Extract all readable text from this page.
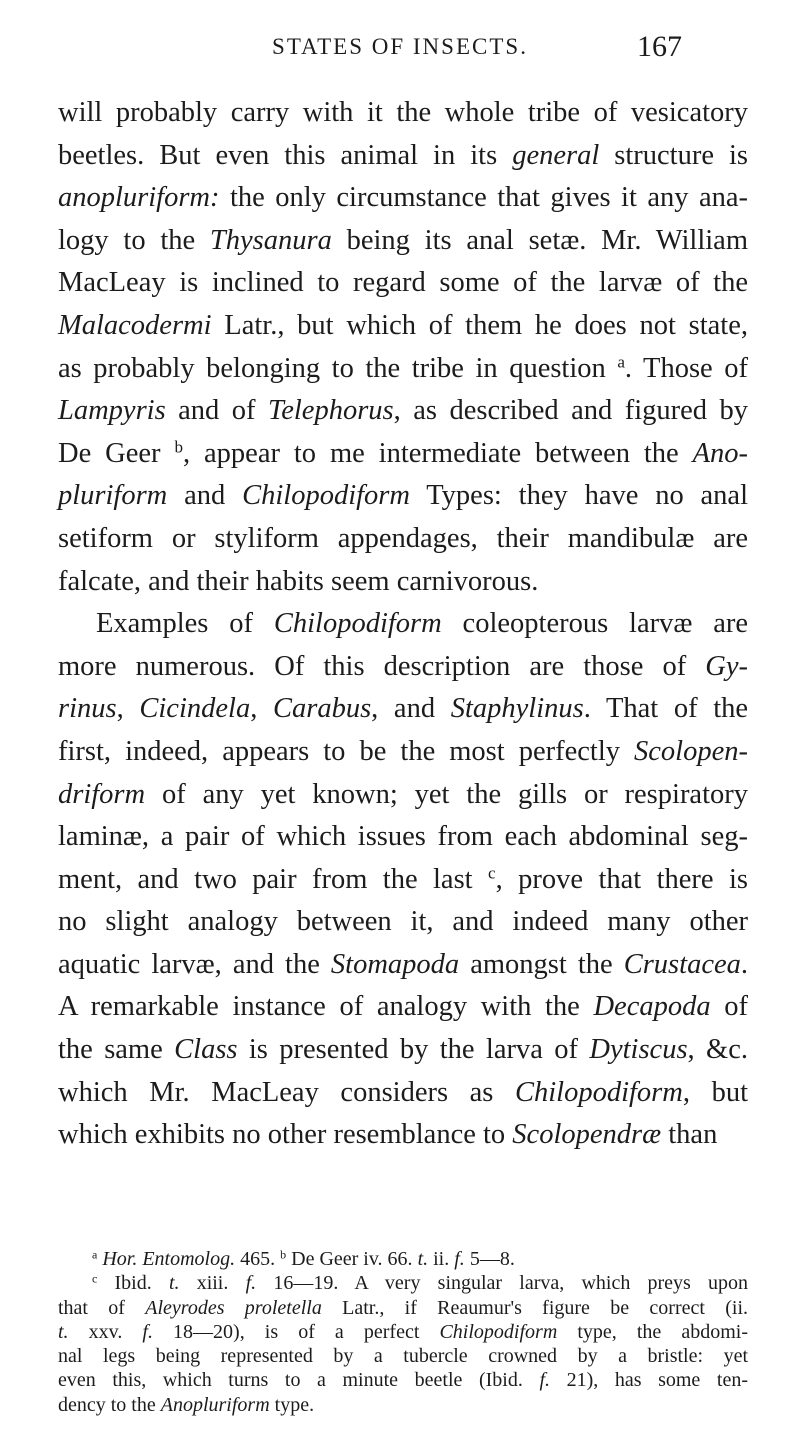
STATES OF INSECTS.	167
will probably carry with it the whole tribe of vesicatory
beetles. But even this animal in its general structure is
anopluriform: the only circumstance that gives it any ana-
logy to the Thysanura being its anal setæ. Mr. William
MacLeay is inclined to regard some of the larvæ of the
Malacodermi Latr., but which of them he does not state,
as probably belonging to the tribe in question $^a$. Those of
Lampyris and of Telephorus, as described and figured by
De Geer $^b$, appear to me intermediate between the Ano-
pluriform and Chilopodiform Types: they have no anal
setiform or styliform appendages, their mandibulæ are
falcate, and their habits seem carnivorous.
Examples of Chilopodiform coleopterous larvæ are
more numerous. Of this description are those of Gy-
rinus, Cicindela, Carabus, and Staphylinus. That of the
first, indeed, appears to be the most perfectly Scolopen-
driform of any yet known; yet the gills or respiratory
laminæ, a pair of which issues from each abdominal seg-
ment, and two pair from the last $^c$, prove that there is
no slight analogy between it, and indeed many other
aquatic larvæ, and the Stomapoda amongst the Crustacea.
A remarkable instance of analogy with the Decapoda of
the same Class is presented by the larva of Dytiscus, &c.
which Mr. MacLeay considers as Chilopodiform, but
which exhibits no other resemblance to Scolopendræ than
$^a$ Hor. Entomolog. 465. $^b$ De Geer iv. 66. t. ii. f. 5—8.
$^c$ Ibid. t. xiii. f. 16—19. A very singular larva, which preys upon
that of Aleyrodes proletella Latr., if Reaumur's figure be correct (ii.
t. xxv. f. 18—20), is of a perfect Chilopodiform type, the abdomi-
nal legs being represented by a tubercle crowned by a bristle: yet
even this, which turns to a minute beetle (Ibid. f. 21), has some ten-
dency to the Anopluriform type.
